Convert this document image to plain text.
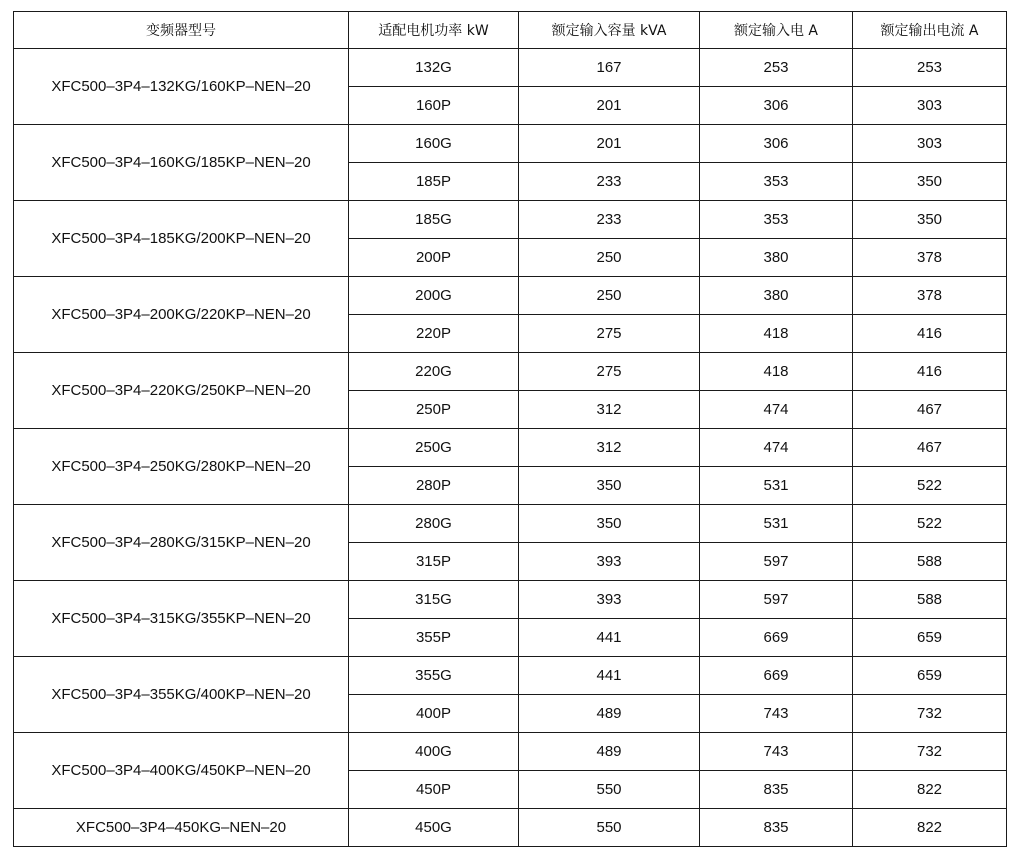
变频器型号	适配电机功率 kW	额定输入容量 kVA	额定输入电 A	额定输出电流 A
XFC500–3P4–132KG/160KP–NEN–20	132G	167	253	253
	160P	201	306	303
XFC500–3P4–160KG/185KP–NEN–20	160G	201	306	303
	185P	233	353	350
XFC500–3P4–185KG/200KP–NEN–20	185G	233	353	350
	200P	250	380	378
XFC500–3P4–200KG/220KP–NEN–20	200G	250	380	378
	220P	275	418	416
XFC500–3P4–220KG/250KP–NEN–20	220G	275	418	416
	250P	312	474	467
XFC500–3P4–250KG/280KP–NEN–20	250G	312	474	467
	280P	350	531	522
XFC500–3P4–280KG/315KP–NEN–20	280G	350	531	522
	315P	393	597	588
XFC500–3P4–315KG/355KP–NEN–20	315G	393	597	588
	355P	441	669	659
XFC500–3P4–355KG/400KP–NEN–20	355G	441	669	659
	400P	489	743	732
XFC500–3P4–400KG/450KP–NEN–20	400G	489	743	732
	450P	550	835	822
XFC500–3P4–450KG–NEN–20	450G	550	835	822
